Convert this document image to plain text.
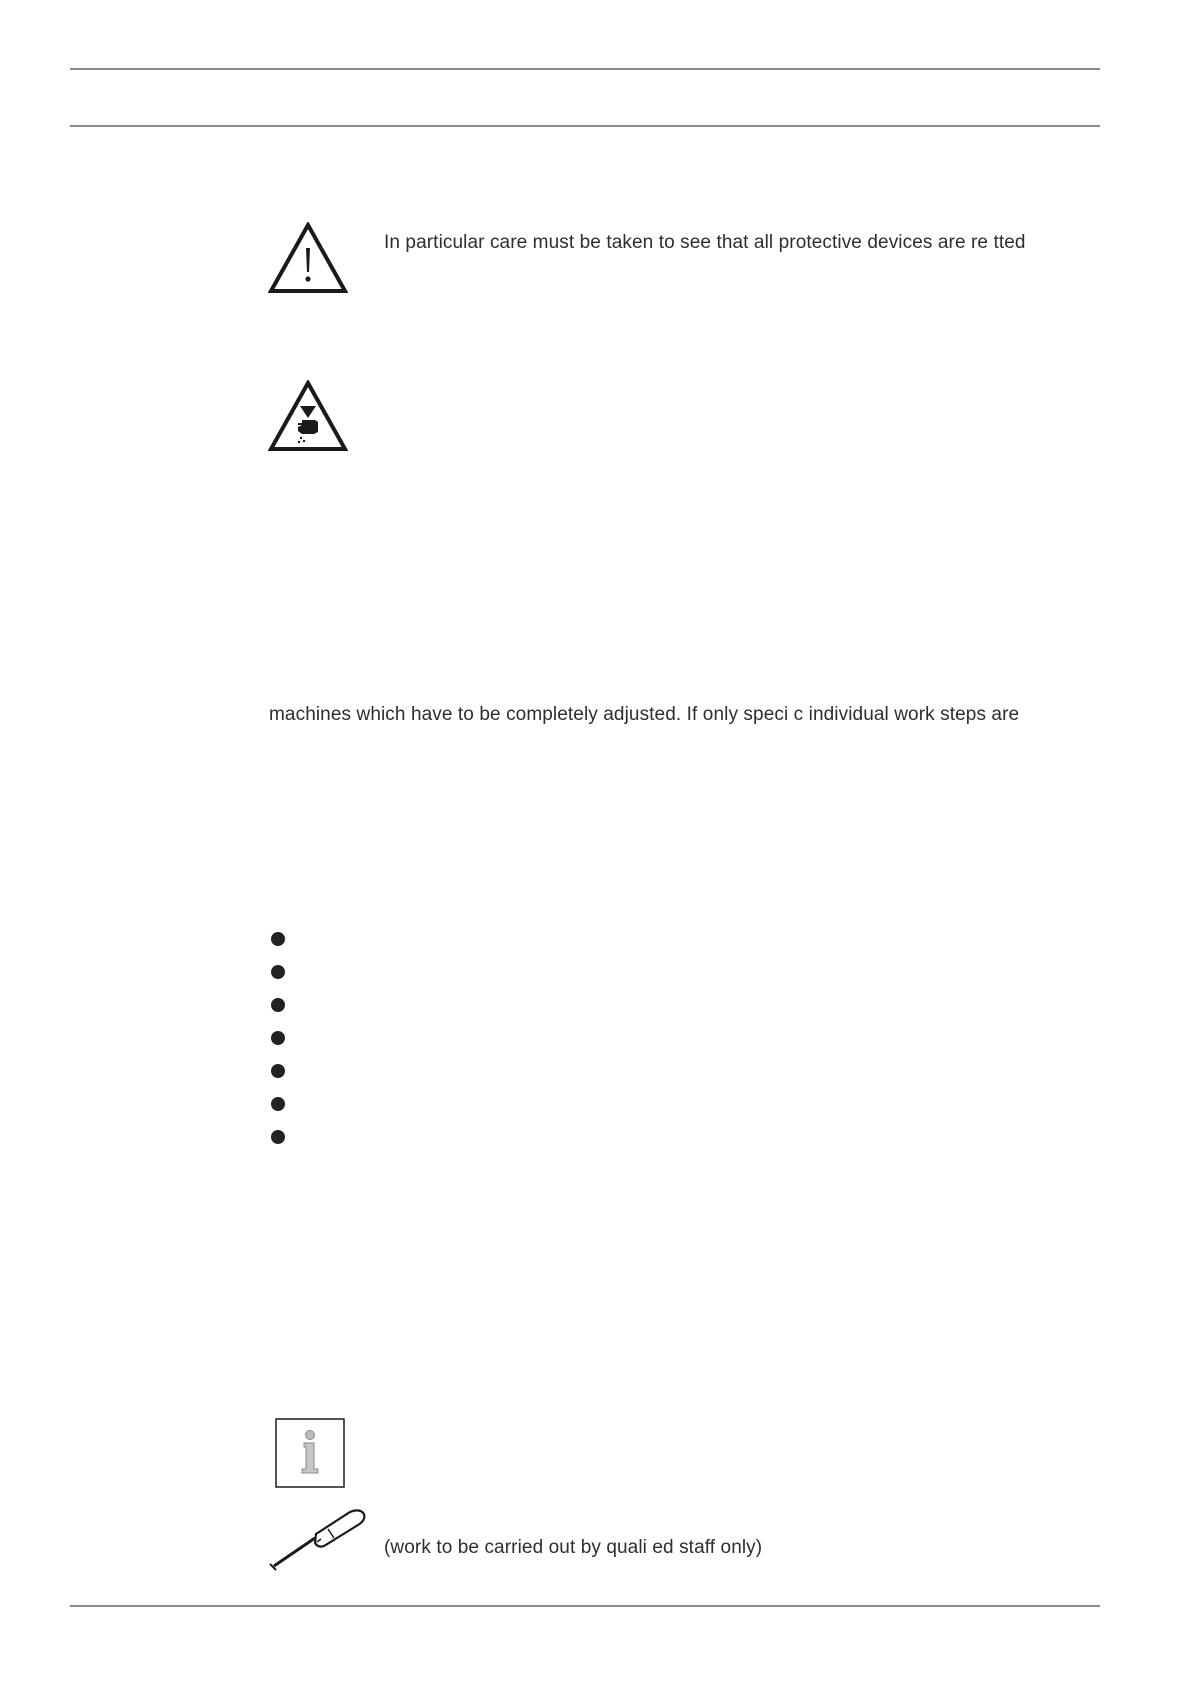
In particular care must be taken to see that all protective devices are re tted
machines which have to be completely adjusted. If only speci c individual work steps are
(work to be carried out by quali ed staff only)
